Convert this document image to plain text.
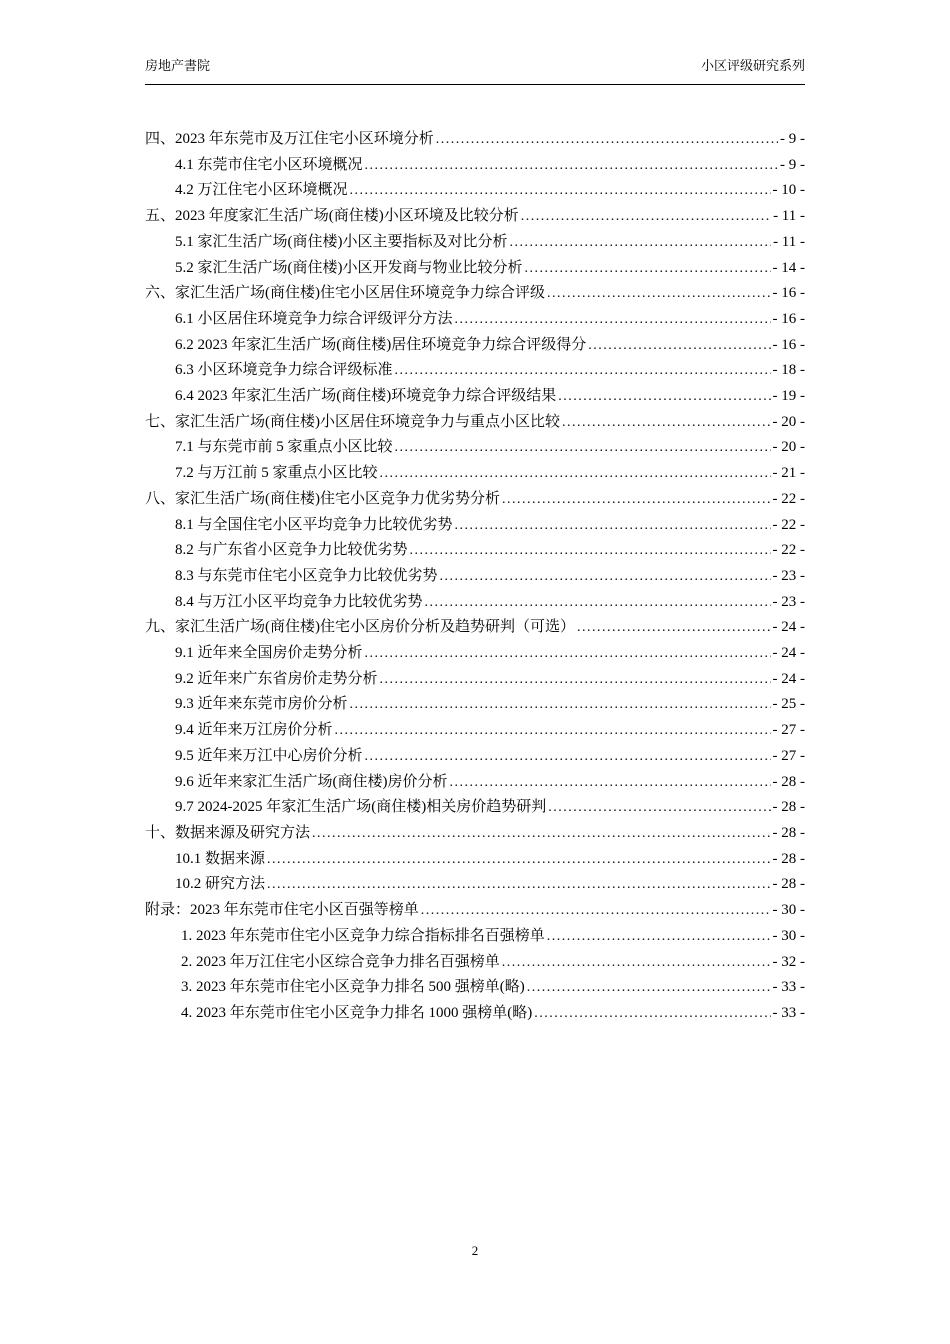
房地产書院	小区评级研究系列
四、2023 年东莞市及万江住宅小区环境分析 .....	- 9 -
4.1 东莞市住宅小区环境概况 .....	- 9 -
4.2 万江住宅小区环境概况 .....	- 10 -
五、2023 年度家汇生活广场(商住楼)小区环境及比较分析 .....	- 11 -
5.1 家汇生活广场(商住楼)小区主要指标及对比分析 .....	- 11 -
5.2 家汇生活广场(商住楼)小区开发商与物业比较分析 .....	- 14 -
六、家汇生活广场(商住楼)住宅小区居住环境竞争力综合评级 .....	- 16 -
6.1 小区居住环境竞争力综合评级评分方法 .....	- 16 -
6.2 2023 年家汇生活广场(商住楼)居住环境竞争力综合评级得分 .....	- 16 -
6.3 小区环境竞争力综合评级标准 .....	- 18 -
6.4 2023 年家汇生活广场(商住楼)环境竞争力综合评级结果 .....	- 19 -
七、家汇生活广场(商住楼)小区居住环境竞争力与重点小区比较 .....	- 20 -
7.1 与东莞市前 5 家重点小区比较 .....	- 20 -
7.2 与万江前 5 家重点小区比较 .....	- 21 -
八、家汇生活广场(商住楼)住宅小区竞争力优劣势分析 .....	- 22 -
8.1 与全国住宅小区平均竞争力比较优劣势 .....	- 22 -
8.2 与广东省小区竞争力比较优劣势 .....	- 22 -
8.3 与东莞市住宅小区竞争力比较优劣势 .....	- 23 -
8.4 与万江小区平均竞争力比较优劣势 .....	- 23 -
九、家汇生活广场(商住楼)住宅小区房价分析及趋势研判（可选） .....	- 24 -
9.1 近年来全国房价走势分析 .....	- 24 -
9.2 近年来广东省房价走势分析 .....	- 24 -
9.3 近年来东莞市房价分析 .....	- 25 -
9.4 近年来万江房价分析 .....	- 27 -
9.5 近年来万江中心房价分析 .....	- 27 -
9.6 近年来家汇生活广场(商住楼)房价分析 .....	- 28 -
9.7 2024-2025 年家汇生活广场(商住楼)相关房价趋势研判 .....	- 28 -
十、数据来源及研究方法 .....	- 28 -
10.1 数据来源 .....	- 28 -
10.2 研究方法 .....	- 28 -
附录：2023 年东莞市住宅小区百强等榜单 .....	- 30 -
1. 2023 年东莞市住宅小区竞争力综合指标排名百强榜单 .....	- 30 -
2. 2023 年万江住宅小区综合竞争力排名百强榜单 .....	- 32 -
3. 2023 年东莞市住宅小区竞争力排名 500 强榜单(略) .....	- 33 -
4. 2023 年东莞市住宅小区竞争力排名 1000 强榜单(略) .....	- 33 -
2
